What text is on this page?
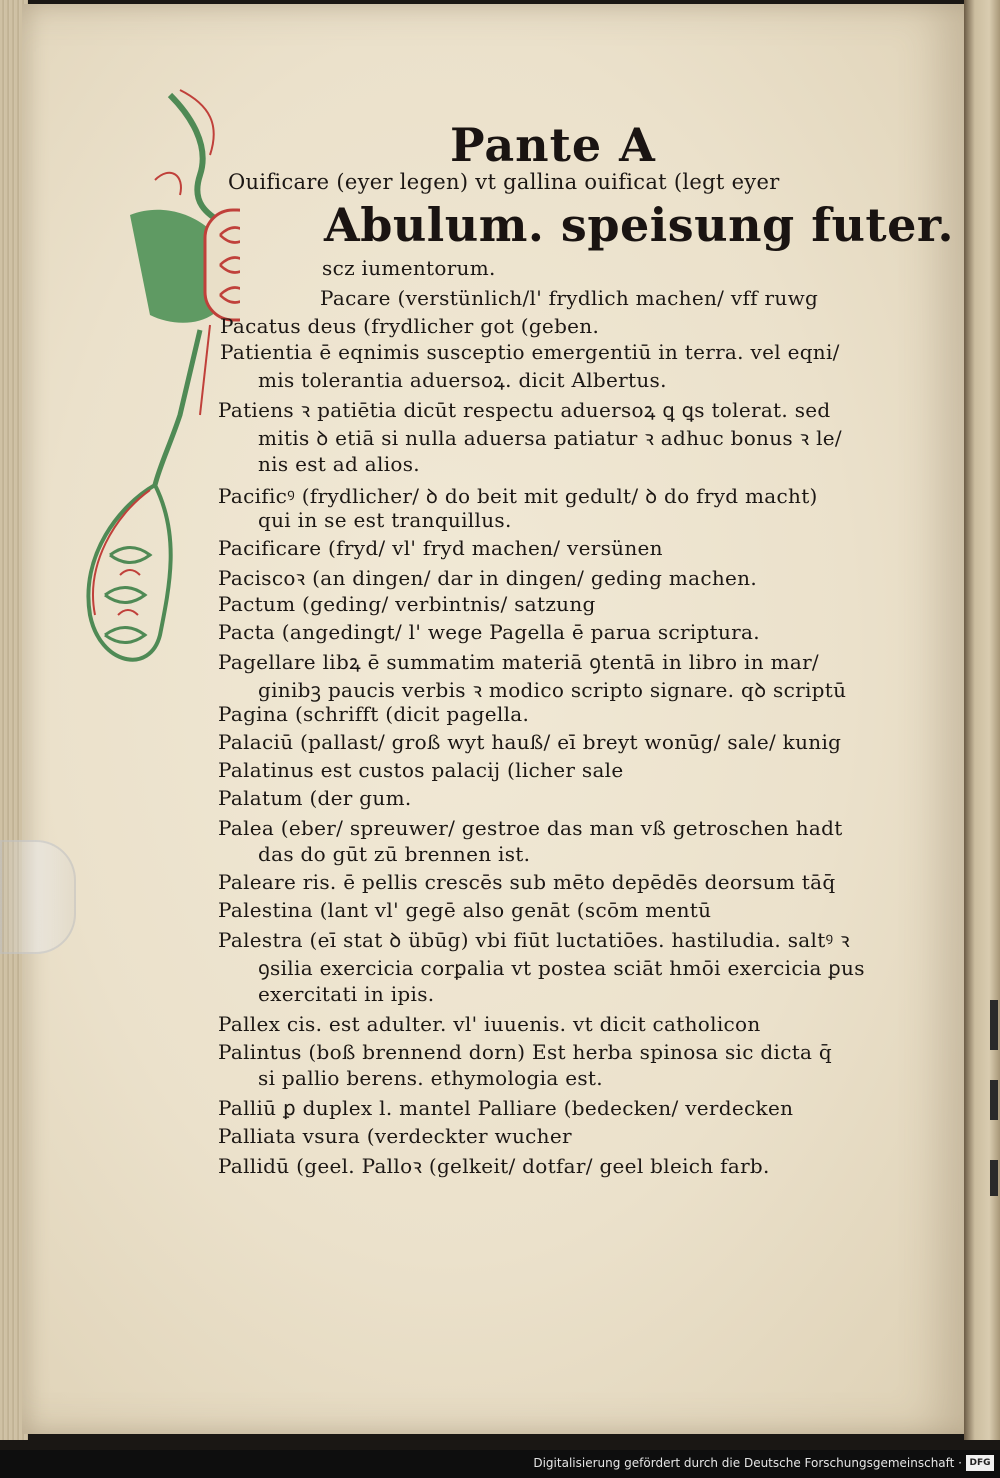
Pante A
Ouificare (eyer legen) vt gallina ouificat (legt eyer
Abulum. speisung futer.
scz iumentorum.
Pacare (verstünlich/l' frydlich machen/ vff ruwg
Pacatus deus (frydlicher got (geben.
Patientia ē eqnimis susceptio emergentiū in terra. vel eqni/
mis tolerantia aduersoꝝ. dicit Albertus.
Patiens ꝛ patiētia dicūt respectu aduersoꝝ ꝗ ꝗs tolerat. sed
mitis ꝺ etiā si nulla aduersa patiatur ꝛ adhuc bonus ꝛ le/
nis est ad alios.
Pacificꝰ (frydlicher/ ꝺ do beit mit gedult/ ꝺ do fryd macht)
qui in se est tranquillus.
Pacificare (fryd/ vl' fryd machen/ versünen
Paciscoꝛ (an dingen/ dar in dingen/ geding machen.
Pactum (geding/ verbintnis/ satzung
Pacta (angedingt/ l' wege Pagella ē parua scriptura.
Pagellare libꝝ ē summatim materiā ꝯtentā in libro in mar/
ginibꝫ paucis verbis ꝛ modico scripto signare. qꝺ scriptū
Pagina (schrifft (dicit pagella.
Palaciū (pallast/ groß wyt hauß/ eī breyt wonūg/ sale/ kunig
Palatinus est custos palacij (licher sale
Palatum (der gum.
Palea (eber/ spreuwer/ gestroe das man vß getroschen hadt
das do gūt zū brennen ist.
Paleare ris. ē pellis crescēs sub mēto depēdēs deorsum tāq̄
Palestina (lant vl' gegē also genāt (scōm mentū
Palestra (eī stat ꝺ übūg) vbi fiūt luctatiōes. hastiludia. saltꝰ ꝛ
ꝯsilia exercicia corꝑalia vt postea sciāt hmōi exercicia ꝑus
exercitati in ipis.
Pallex cis. est adulter. vl' iuuenis. vt dicit catholicon
Palintus (boß brennend dorn) Est herba spinosa sic dicta q̄
si pallio berens. ethymologia est.
Palliū ꝑ duplex l. mantel Palliare (bedecken/ verdecken
Palliata vsura (verdeckter wucher
Pallidū (geel. Palloꝛ (gelkeit/ dotfar/ geel bleich farb.
Digitalisierung gefördert durch die Deutsche Forschungsgemeinschaft · DFG
